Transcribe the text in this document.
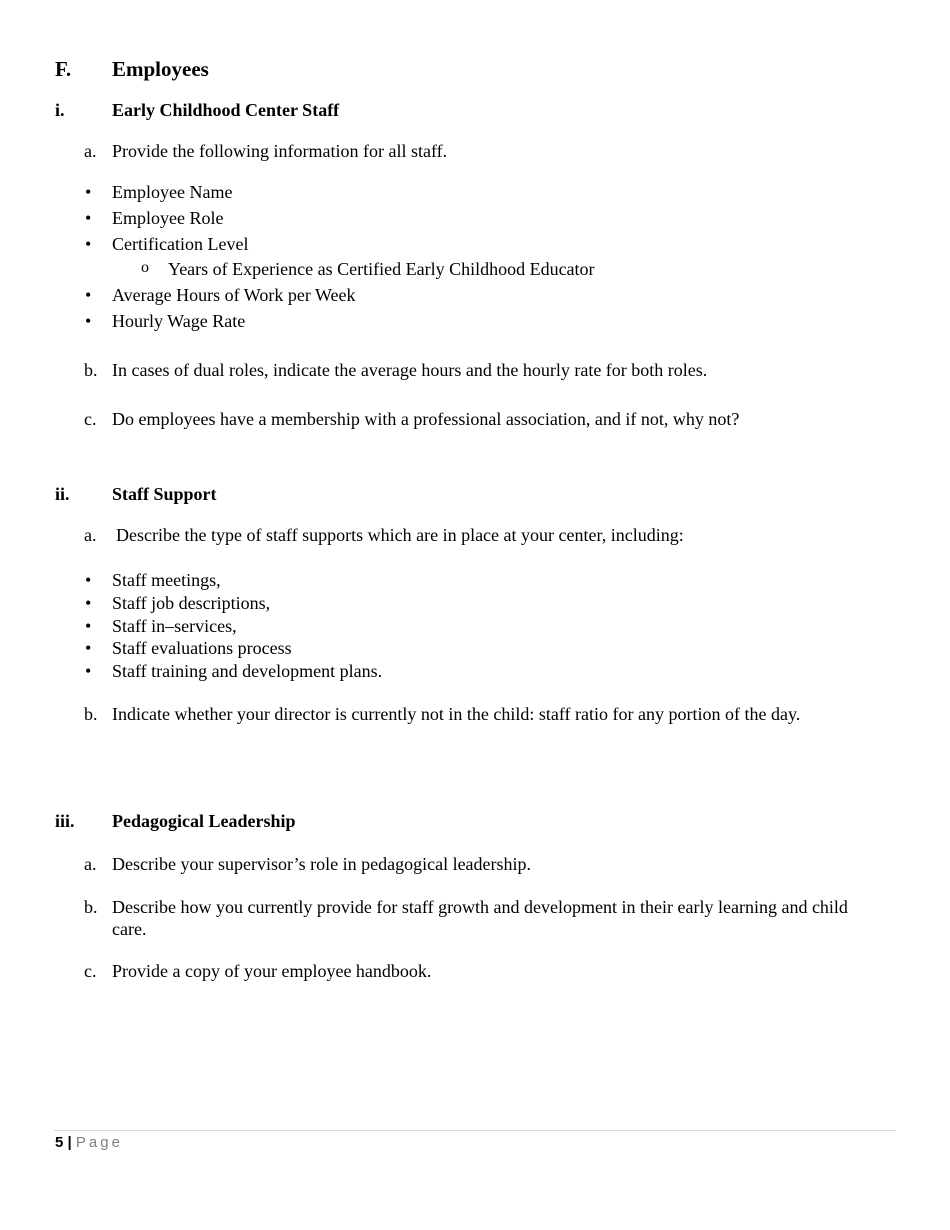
F. Employees
i.	Early Childhood Center Staff
a. Provide the following information for all staff.
• Employee Name
• Employee Role
• Certification Level
o Years of Experience as Certified Early Childhood Educator
• Average Hours of Work per Week
• Hourly Wage Rate
b. In cases of dual roles, indicate the average hours and the hourly rate for both roles.
c. Do employees have a membership with a professional association, and if not, why not?
ii. Staff Support
a. Describe the type of staff supports which are in place at your center, including:
• Staff meetings,
• Staff job descriptions,
• Staff in–services,
• Staff evaluations process
• Staff training and development plans.
b. Indicate whether your director is currently not in the child: staff ratio for any portion of the day.
iii. Pedagogical Leadership
a. Describe your supervisor’s role in pedagogical leadership.
b. Describe how you currently provide for staff growth and development in their early learning and child
care.
c. Provide a copy of your employee handbook.
5 | Page
